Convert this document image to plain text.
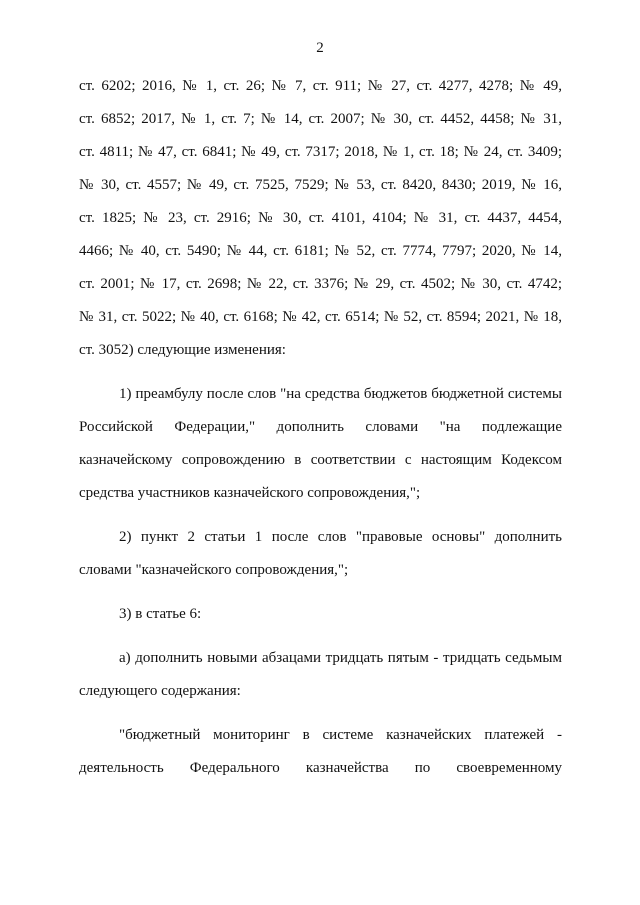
2
ст. 6202; 2016, № 1, ст. 26; № 7, ст. 911; № 27, ст. 4277, 4278; № 49,
ст. 6852; 2017, № 1, ст. 7; № 14, ст. 2007; № 30, ст. 4452, 4458; № 31,
ст. 4811; № 47, ст. 6841; № 49, ст. 7317; 2018, № 1, ст. 18; № 24, ст. 3409;
№ 30, ст. 4557; № 49, ст. 7525, 7529; № 53, ст. 8420, 8430; 2019, № 16,
ст. 1825; № 23, ст. 2916; № 30, ст. 4101, 4104; № 31, ст. 4437, 4454,
4466; № 40, ст. 5490; № 44, ст. 6181; № 52, ст. 7774, 7797; 2020, № 14,
ст. 2001; № 17, ст. 2698; № 22, ст. 3376; № 29, ст. 4502; № 30, ст. 4742;
№ 31, ст. 5022; № 40, ст. 6168; № 42, ст. 6514; № 52, ст. 8594; 2021, № 18,
ст. 3052) следующие изменения:
1) преамбулу после слов "на средства бюджетов бюджетной системы
Российской Федерации," дополнить словами "на подлежащие
казначейскому сопровождению в соответствии с настоящим Кодексом
средства участников казначейского сопровождения,";
2) пункт 2 статьи 1 после слов "правовые основы" дополнить
словами "казначейского сопровождения,";
3) в статье 6:
а) дополнить новыми абзацами тридцать пятым - тридцать седьмым
следующего содержания:
"бюджетный мониторинг в системе казначейских платежей -
деятельность Федерального казначейства по своевременному
